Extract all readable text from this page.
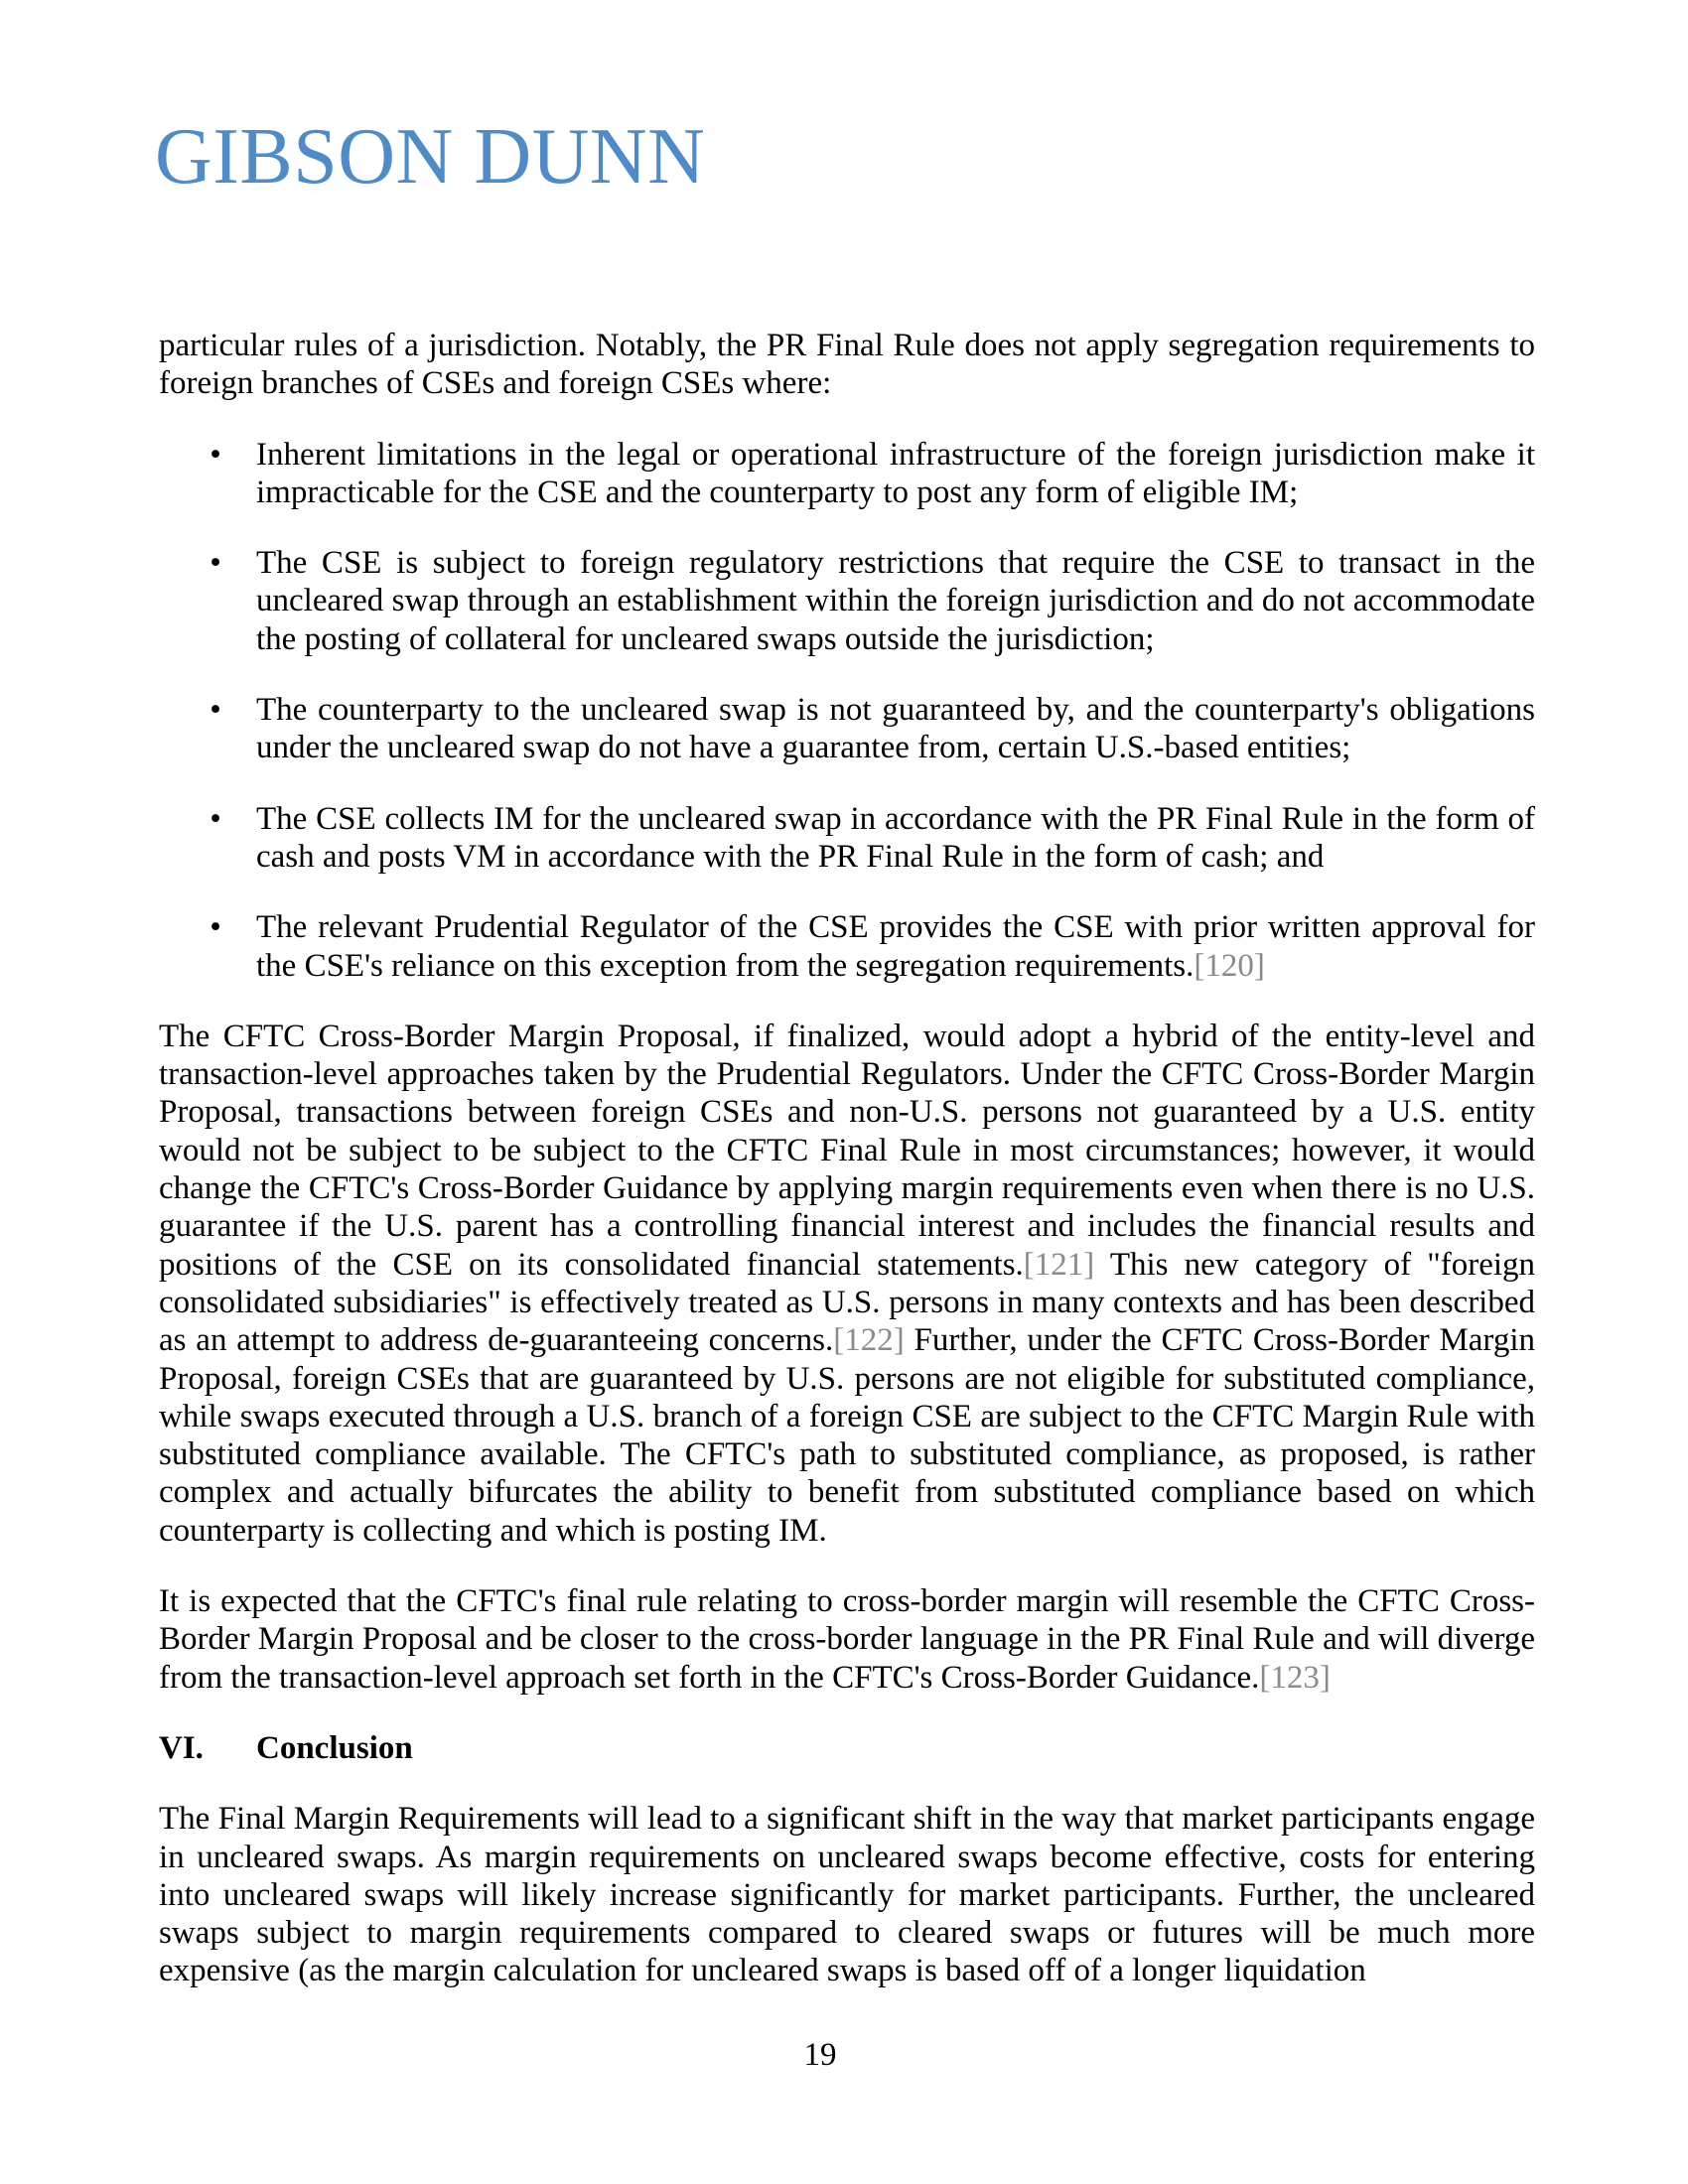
GIBSON DUNN

particular rules of a jurisdiction. Notably, the PR Final Rule does not apply segregation requirements to foreign branches of CSEs and foreign CSEs where:

• Inherent limitations in the legal or operational infrastructure of the foreign jurisdiction make it impracticable for the CSE and the counterparty to post any form of eligible IM;
• The CSE is subject to foreign regulatory restrictions that require the CSE to transact in the uncleared swap through an establishment within the foreign jurisdiction and do not accommodate the posting of collateral for uncleared swaps outside the jurisdiction;
• The counterparty to the uncleared swap is not guaranteed by, and the counterparty's obligations under the uncleared swap do not have a guarantee from, certain U.S.-based entities;
• The CSE collects IM for the uncleared swap in accordance with the PR Final Rule in the form of cash and posts VM in accordance with the PR Final Rule in the form of cash; and
• The relevant Prudential Regulator of the CSE provides the CSE with prior written approval for the CSE's reliance on this exception from the segregation requirements.[120]

The CFTC Cross-Border Margin Proposal, if finalized, would adopt a hybrid of the entity-level and transaction-level approaches taken by the Prudential Regulators. Under the CFTC Cross-Border Margin Proposal, transactions between foreign CSEs and non-U.S. persons not guaranteed by a U.S. entity would not be subject to be subject to the CFTC Final Rule in most circumstances; however, it would change the CFTC's Cross-Border Guidance by applying margin requirements even when there is no U.S. guarantee if the U.S. parent has a controlling financial interest and includes the financial results and positions of the CSE on its consolidated financial statements.[121] This new category of "foreign consolidated subsidiaries" is effectively treated as U.S. persons in many contexts and has been described as an attempt to address de-guaranteeing concerns.[122] Further, under the CFTC Cross-Border Margin Proposal, foreign CSEs that are guaranteed by U.S. persons are not eligible for substituted compliance, while swaps executed through a U.S. branch of a foreign CSE are subject to the CFTC Margin Rule with substituted compliance available. The CFTC's path to substituted compliance, as proposed, is rather complex and actually bifurcates the ability to benefit from substituted compliance based on which counterparty is collecting and which is posting IM.

It is expected that the CFTC's final rule relating to cross-border margin will resemble the CFTC Cross-Border Margin Proposal and be closer to the cross-border language in the PR Final Rule and will diverge from the transaction-level approach set forth in the CFTC's Cross-Border Guidance.[123]

VI.	Conclusion

The Final Margin Requirements will lead to a significant shift in the way that market participants engage in uncleared swaps. As margin requirements on uncleared swaps become effective, costs for entering into uncleared swaps will likely increase significantly for market participants. Further, the uncleared swaps subject to margin requirements compared to cleared swaps or futures will be much more expensive (as the margin calculation for uncleared swaps is based off of a longer liquidation

19
